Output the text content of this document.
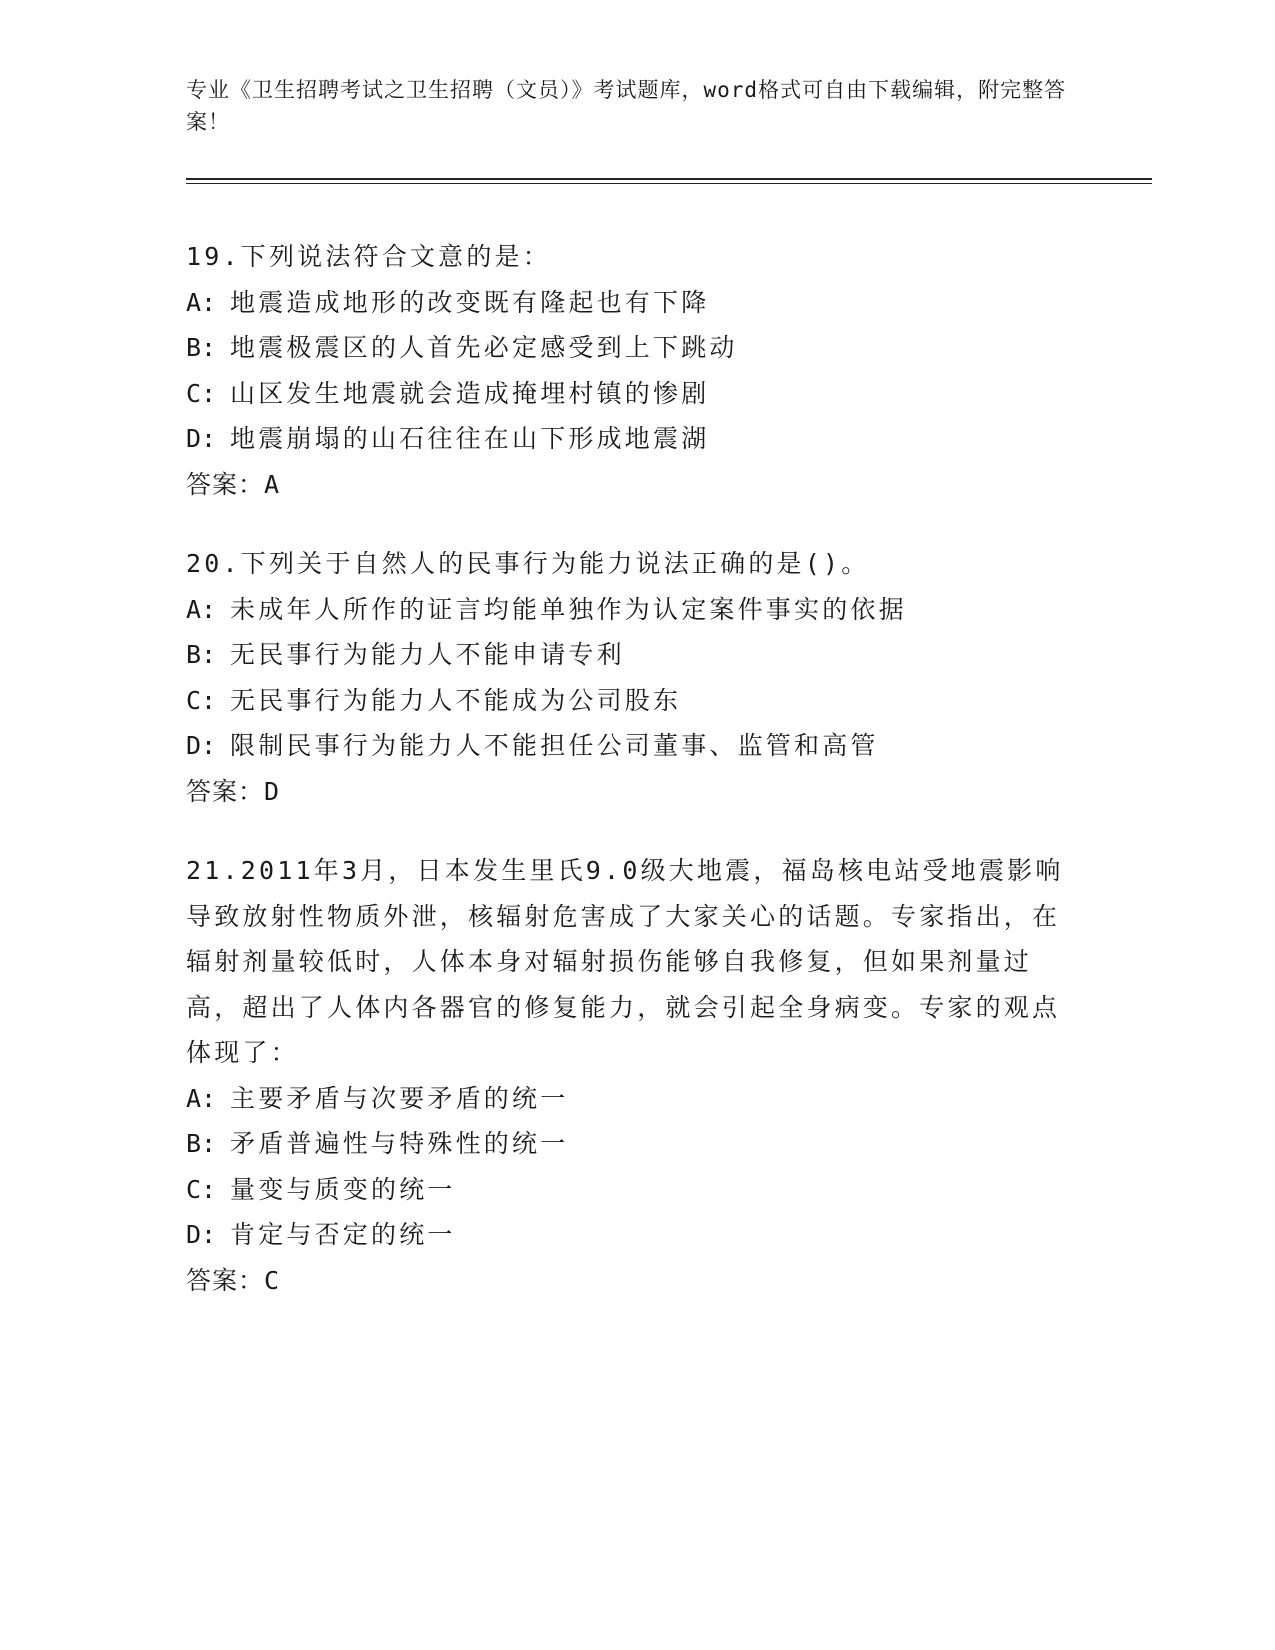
专业《卫生招聘考试之卫生招聘（文员）》考试题库，word格式可自由下载编辑，附完整答案！
19.下列说法符合文意的是：
A: 地震造成地形的改变既有隆起也有下降
B: 地震极震区的人首先必定感受到上下跳动
C: 山区发生地震就会造成掩埋村镇的惨剧
D: 地震崩塌的山石往往在山下形成地震湖
答案：A
20.下列关于自然人的民事行为能力说法正确的是()。
A: 未成年人所作的证言均能单独作为认定案件事实的依据
B: 无民事行为能力人不能申请专利
C: 无民事行为能力人不能成为公司股东
D: 限制民事行为能力人不能担任公司董事、监管和高管
答案：D
21.2011年3月，日本发生里氏9.0级大地震，福岛核电站受地震影响导致放射性物质外泄，核辐射危害成了大家关心的话题。专家指出，在辐射剂量较低时，人体本身对辐射损伤能够自我修复，但如果剂量过高，超出了人体内各器官的修复能力，就会引起全身病变。专家的观点体现了：
A: 主要矛盾与次要矛盾的统一
B: 矛盾普遍性与特殊性的统一
C: 量变与质变的统一
D: 肯定与否定的统一
答案：C
